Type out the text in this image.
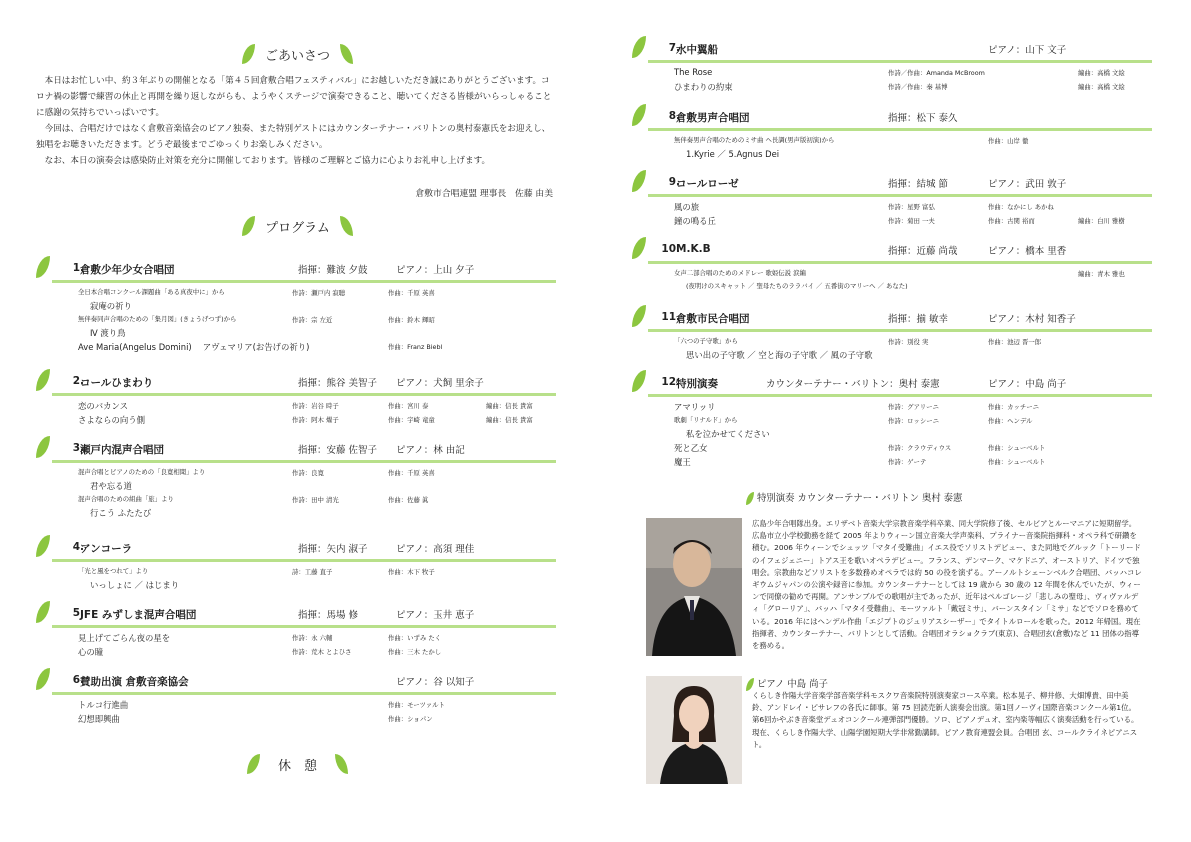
ごあいさつ

本日はお忙しい中、約３年ぶりの開催となる「第４５回倉敷合唱フェスティバル」にお越しいただき誠にありがとうございます。コロナ禍の影響で練習の休止と再開を繰り返しながらも、ようやくステージで演奏できること、聴いてくださる皆様がいらっしゃることに感謝の気持ちでいっぱいです。

今回は、合唱だけではなく倉敷音楽協会のピアノ独奏、また特別ゲストにはカウンターテナー・バリトンの奥村泰憲氏をお迎えし、独唱をお聴きいただきます。どうぞ最後までごゆっくりお楽しみください。

なお、本日の演奏会は感染防止対策を充分に開催しております。皆様のご理解とご協力に心よりお礼申し上げます。

倉敷市合唱連盟 理事長　佐藤 由美
プログラム
1.
倉敷少年少女合唱団	指揮：難波 夕鼓	ピアノ：上山 夕子
全日本合唱コンクール課題曲「ある真夜中に」から	作詩：瀬戸内 寂聴	作曲：千原 英喜
寂庵の祈り
無伴奏同声合唱のための「集月図」(きょうげつず)から	作詩：宗 左近	作曲：鈴木 輝昭
Ⅳ 渡り鳥
Ave Maria(Angelus Domini)　 アヴェマリア(お告げの祈り)	作曲：Franz Biebl
2.
コールひまわり	指揮：熊谷 美智子 ピアノ：犬飼 里余子
恋のバカンス	作詩：岩谷 時子	作曲：宮川 泰	編曲：信長 貴富
さよならの向う側	作詩：阿木 燿子	作曲：宇崎 竜童	編曲：信長 貴富
3.
瀬戸内混声合唱団	指揮：安藤 佐智子 ピアノ：林 由記
混声合唱とピアノのための「良寛相聞」より	作詩：良寛	作曲：千原 英喜
君や忘る道
混声合唱のための組曲「旅」より	作詩：田中 清光	作曲：佐藤 眞
行こう ふたたび
4.
アンコーラ	指揮：矢内 淑子	ピアノ：高須 理佳
「光と風をつれて」より	詩：工藤 直子	作曲：木下 牧子
いっしょに ／ はじまり
5.
JFE みずしま混声合唱団	指揮：馬場 修	ピアノ：玉井 恵子
見上げてごらん夜の星を	作詩：永 六輔	作曲：いずみ たく
心の瞳	作詩：荒木 とよひさ	作曲：三木 たかし
6.
賛助出演 倉敷音楽協会	ピアノ：谷 以知子
トルコ行進曲	作曲：モーツァルト
幻想即興曲	作曲：ショパン
休　憩
7.
水中翼船	ピアノ：山下 文子
The Rose	作詩／作曲：Amanda McBroom	編曲：高橋 文絵
ひまわりの約束	作詩／作曲：秦 基博	編曲：高橋 文絵
8.
倉敷男声合唱団	指揮：松下 泰久
無伴奏男声合唱のためのミサ曲 ヘ長調(男声版初演)から	作曲：山岸 徹
1.Kyrie ／ 5.Agnus Dei
9.
コールローゼ	指揮：結城 節	ピアノ：武田 敦子
風の旅	作詩：星野 富弘	作曲：なかにし あかね
鐘の鳴る丘	作詩：菊田 一夫	作曲：古関 裕而	編曲：白川 雅樹
10.
M.K.B	指揮：近藤 尚哉	ピアノ：橋本 里香
女声二部合唱のためのメドレー 歌姫伝説 涙編	編曲：青木 雅也
(夜明けのスキャット ／ 聖母たちのララバイ ／ 五番街のマリーへ ／ あなた)
11.
倉敷市民合唱団	指揮：揃 敏幸	ピアノ：木村 知香子
「六つの子守歌」から	作詩：別役 実	作曲：池辺 晋一郎
思い出の子守歌 ／ 空と海の子守歌 ／ 風の子守歌
12.
特別演奏	カウンターテナー・バリトン：奥村 泰憲	ピアノ：中島 尚子
アマリッリ	作詩：グアリーニ	作曲：カッチーニ
歌劇「リナルド」から	作詩：ロッシーニ	作曲：ヘンデル
私を泣かせてください
死と乙女	作詩：クラウディウス	作曲：シューベルト
魔王	作詩：ゲーテ	作曲：シューベルト
特別演奏 カウンターテナー・バリトン 奥村 泰憲
広島少年合唱隊出身。エリザベト音楽大学宗教音楽学科卒業、同大学院修了後、セルビアとルーマニアに短期留学。広島市立小学校勤務を経て 2005 年よりウィーン国立音楽大学声楽科、プライナー音楽院指揮科・オペラ科で研鑽を積む。2006 年ウィーンでシュッツ「マタイ受難曲」イエス役でソリストデビュー、また同地でグルック「トーリードのイフェジェニー」トアス王を歌いオペラデビュー。フランス、デンマーク、マケドニア、オーストリア、ドイツで独唱会。宗教曲などソリストを多数務めオペラでは約 50 の役を演ずる。アーノルトシェーンベルク合唱団、バッハコレギウムジャパンの公演や録音に参加。カウンターテナーとしては 19 歳から 30 歳の 12 年間を休んでいたが、ウィーンで同僚の勧めで再開。アンサンブルでの歌唱が主であったが、近年はペルゴレージ「悲しみの聖母」、ヴィヴァルディ「グローリア」、バッハ「マタイ受難曲」、モーツァルト「戴冠ミサ」、バーンスタイン「ミサ」などでソロを務めている。2016 年にはヘンデル作曲「エジプトのジュリアスシーザー」でタイトルロールを歌った。2012 年帰国。現在指揮者、カウンターテナー、バリトンとして活動。合唱団オラショクラブ(東京)、合唱団玄(倉敷)など 11 団体の指導を務める。
ピアノ 中島 尚子
くらしき作陽大学音楽学部音楽学科モスクワ音楽院特別演奏家コース卒業。松本晃子、柳井修、大畑博貴、田中美鈴、アンドレイ・ピサレフの各氏に師事。第 75 回読売新人演奏会出演。第1回ノーヴィ国際音楽コンクール第1位。第6回かやぶき音楽堂デュオコンクール連弾部門優勝。ソロ、ピアノデュオ、室内楽等幅広く演奏活動を行っている。現在、くらしき作陽大学、山陽学園短期大学非常勤講師。ピアノ教育連盟会員。合唱団 玄、コールクライネピアニスト。
